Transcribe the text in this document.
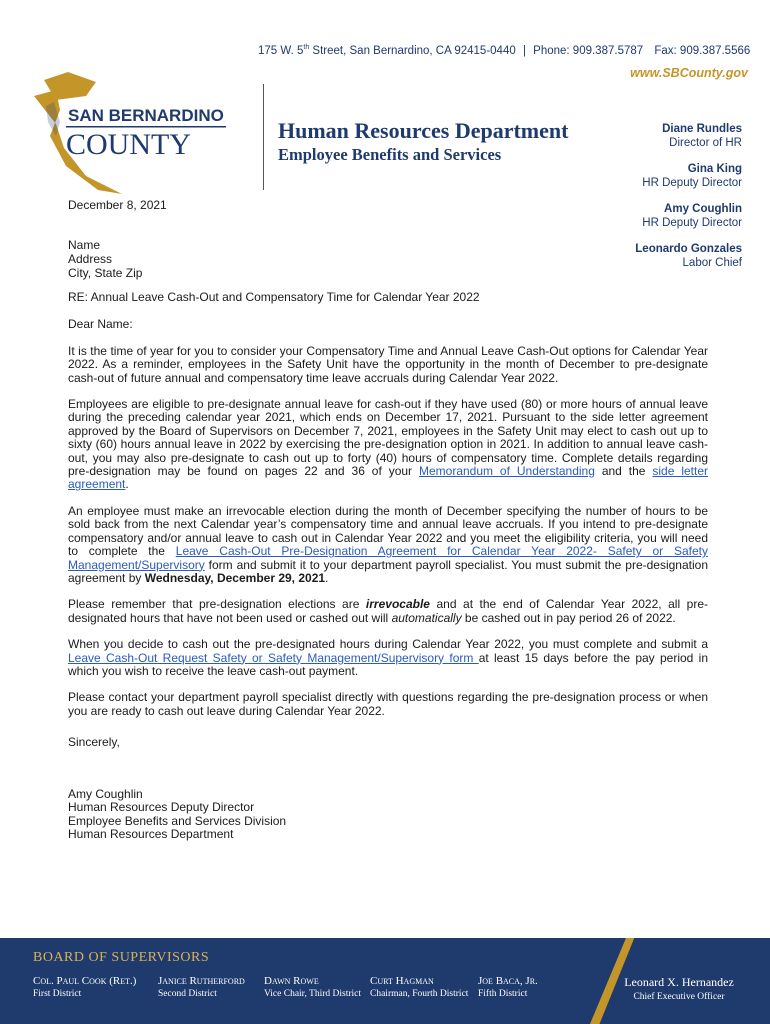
175 W. 5th Street, San Bernardino, CA 92415-0440 | Phone: 909.387.5787 Fax: 909.387.5566
www.SBCounty.gov
SAN BERNARDINO
COUNTY	Human Resources Department
Employee Benefits and Services
Diane Rundles
Director of HR
Gina King
HR Deputy Director
Amy Coughlin
HR Deputy Director
Leonardo Gonzales
Labor Chief
December 8, 2021
Name
Address
City, State Zip

RE: Annual Leave Cash-Out and Compensatory Time for Calendar Year 2022

Dear Name:

It is the time of year for you to consider your Compensatory Time and Annual Leave Cash-Out options for Calendar Year 2022. As a reminder, employees in the Safety Unit have the opportunity in the month of December to pre-designate cash-out of future annual and compensatory time leave accruals during Calendar Year 2022.

Employees are eligible to pre-designate annual leave for cash-out if they have used (80) or more hours of annual leave during the preceding calendar year 2021, which ends on December 17, 2021. Pursuant to the side letter agreement approved by the Board of Supervisors on December 7, 2021, employees in the Safety Unit may elect to cash out up to sixty (60) hours annual leave in 2022 by exercising the pre-designation option in 2021. In addition to annual leave cash-out, you may also pre-designate to cash out up to forty (40) hours of compensatory time. Complete details regarding pre-designation may be found on pages 22 and 36 of your Memorandum of Understanding and the side letter agreement.

An employee must make an irrevocable election during the month of December specifying the number of hours to be sold back from the next Calendar year’s compensatory time and annual leave accruals. If you intend to pre-designate compensatory and/or annual leave to cash out in Calendar Year 2022 and you meet the eligibility criteria, you will need to complete the Leave Cash-Out Pre-Designation Agreement for Calendar Year 2022- Safety or Safety Management/Supervisory form and submit it to your department payroll specialist. You must submit the pre-designation agreement by Wednesday, December 29, 2021.

Please remember that pre-designation elections are irrevocable and at the end of Calendar Year 2022, all pre-designated hours that have not been used or cashed out will automatically be cashed out in pay period 26 of 2022.

When you decide to cash out the pre-designated hours during Calendar Year 2022, you must complete and submit a Leave Cash-Out Request Safety or Safety Management/Supervisory form at least 15 days before the pay period in which you wish to receive the leave cash-out payment.

Please contact your department payroll specialist directly with questions regarding the pre-designation process or when you are ready to cash out leave during Calendar Year 2022.

Sincerely,

Amy Coughlin
Human Resources Deputy Director
Employee Benefits and Services Division
Human Resources Department
BOARD OF SUPERVISORS
Col. Paul Cook (Ret.)
First District
Janice Rutherford
Second District
Dawn Rowe
Vice Chair, Third District
Curt Hagman
Chairman, Fourth District
Joe Baca, Jr.
Fifth District
Leonard X. Hernandez
Chief Executive Officer
